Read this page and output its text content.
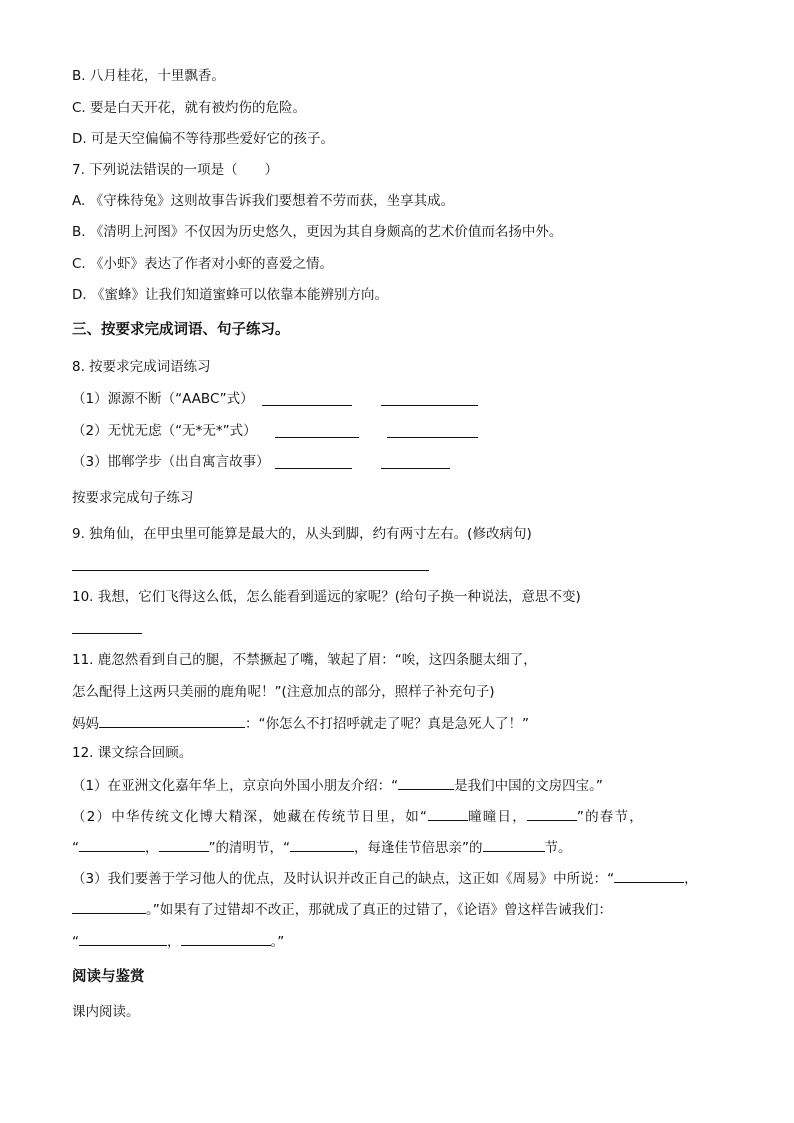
B. 八月桂花，十里飘香。
C. 要是白天开花，就有被灼伤的危险。
D. 可是天空偏偏不等待那些爱好它的孩子。
7. 下列说法错误的一项是（　　）
A. 《守株待兔》这则故事告诉我们要想着不劳而获，坐享其成。
B. 《清明上河图》不仅因为历史悠久，更因为其自身颇高的艺术价值而名扬中外。
C. 《小虾》表达了作者对小虾的喜爱之情。
D. 《蜜蜂》让我们知道蜜蜂可以依靠本能辨别方向。
三、按要求完成词语、句子练习。
8. 按要求完成词语练习
（1）源源不断（“AABC”式）
（2）无忧无虑（“无*无*”式）
（3）邯郸学步（出自寓言故事）
按要求完成句子练习
9. 独角仙，在甲虫里可能算是最大的，从头到脚，约有两寸左右。(修改病句)
10. 我想，它们飞得这么低，怎么能看到遥远的家呢？(给句子换一种说法，意思不变)
11. 鹿忽然看到自己的腿，不禁撅起了嘴，皱起了眉：“唉，这四条腿太细了，
怎么配得上这两只美丽的鹿角呢！”(注意加点的部分，照样子补充句子)
妈妈	：“你怎么不打招呼就走了呢？真是急死人了！”
12. 课文综合回顾。
（1）在亚洲文化嘉年华上，京京向外国小朋友介绍：“	是我们中国的文房四宝。”
（2）中华传统文化博大精深，她藏在传统节日里，如“	曈曈日，	”的春节，
“	，	”的清明节，“	，每逢佳节倍思亲”的	节。
（3）我们要善于学习他人的优点，及时认识并改正自己的缺点，这正如《周易》中所说：“	，
。”如果有了过错却不改正，那就成了真正的过错了，《论语》曾这样告诫我们：
“	，	。”
阅读与鉴赏
课内阅读。
